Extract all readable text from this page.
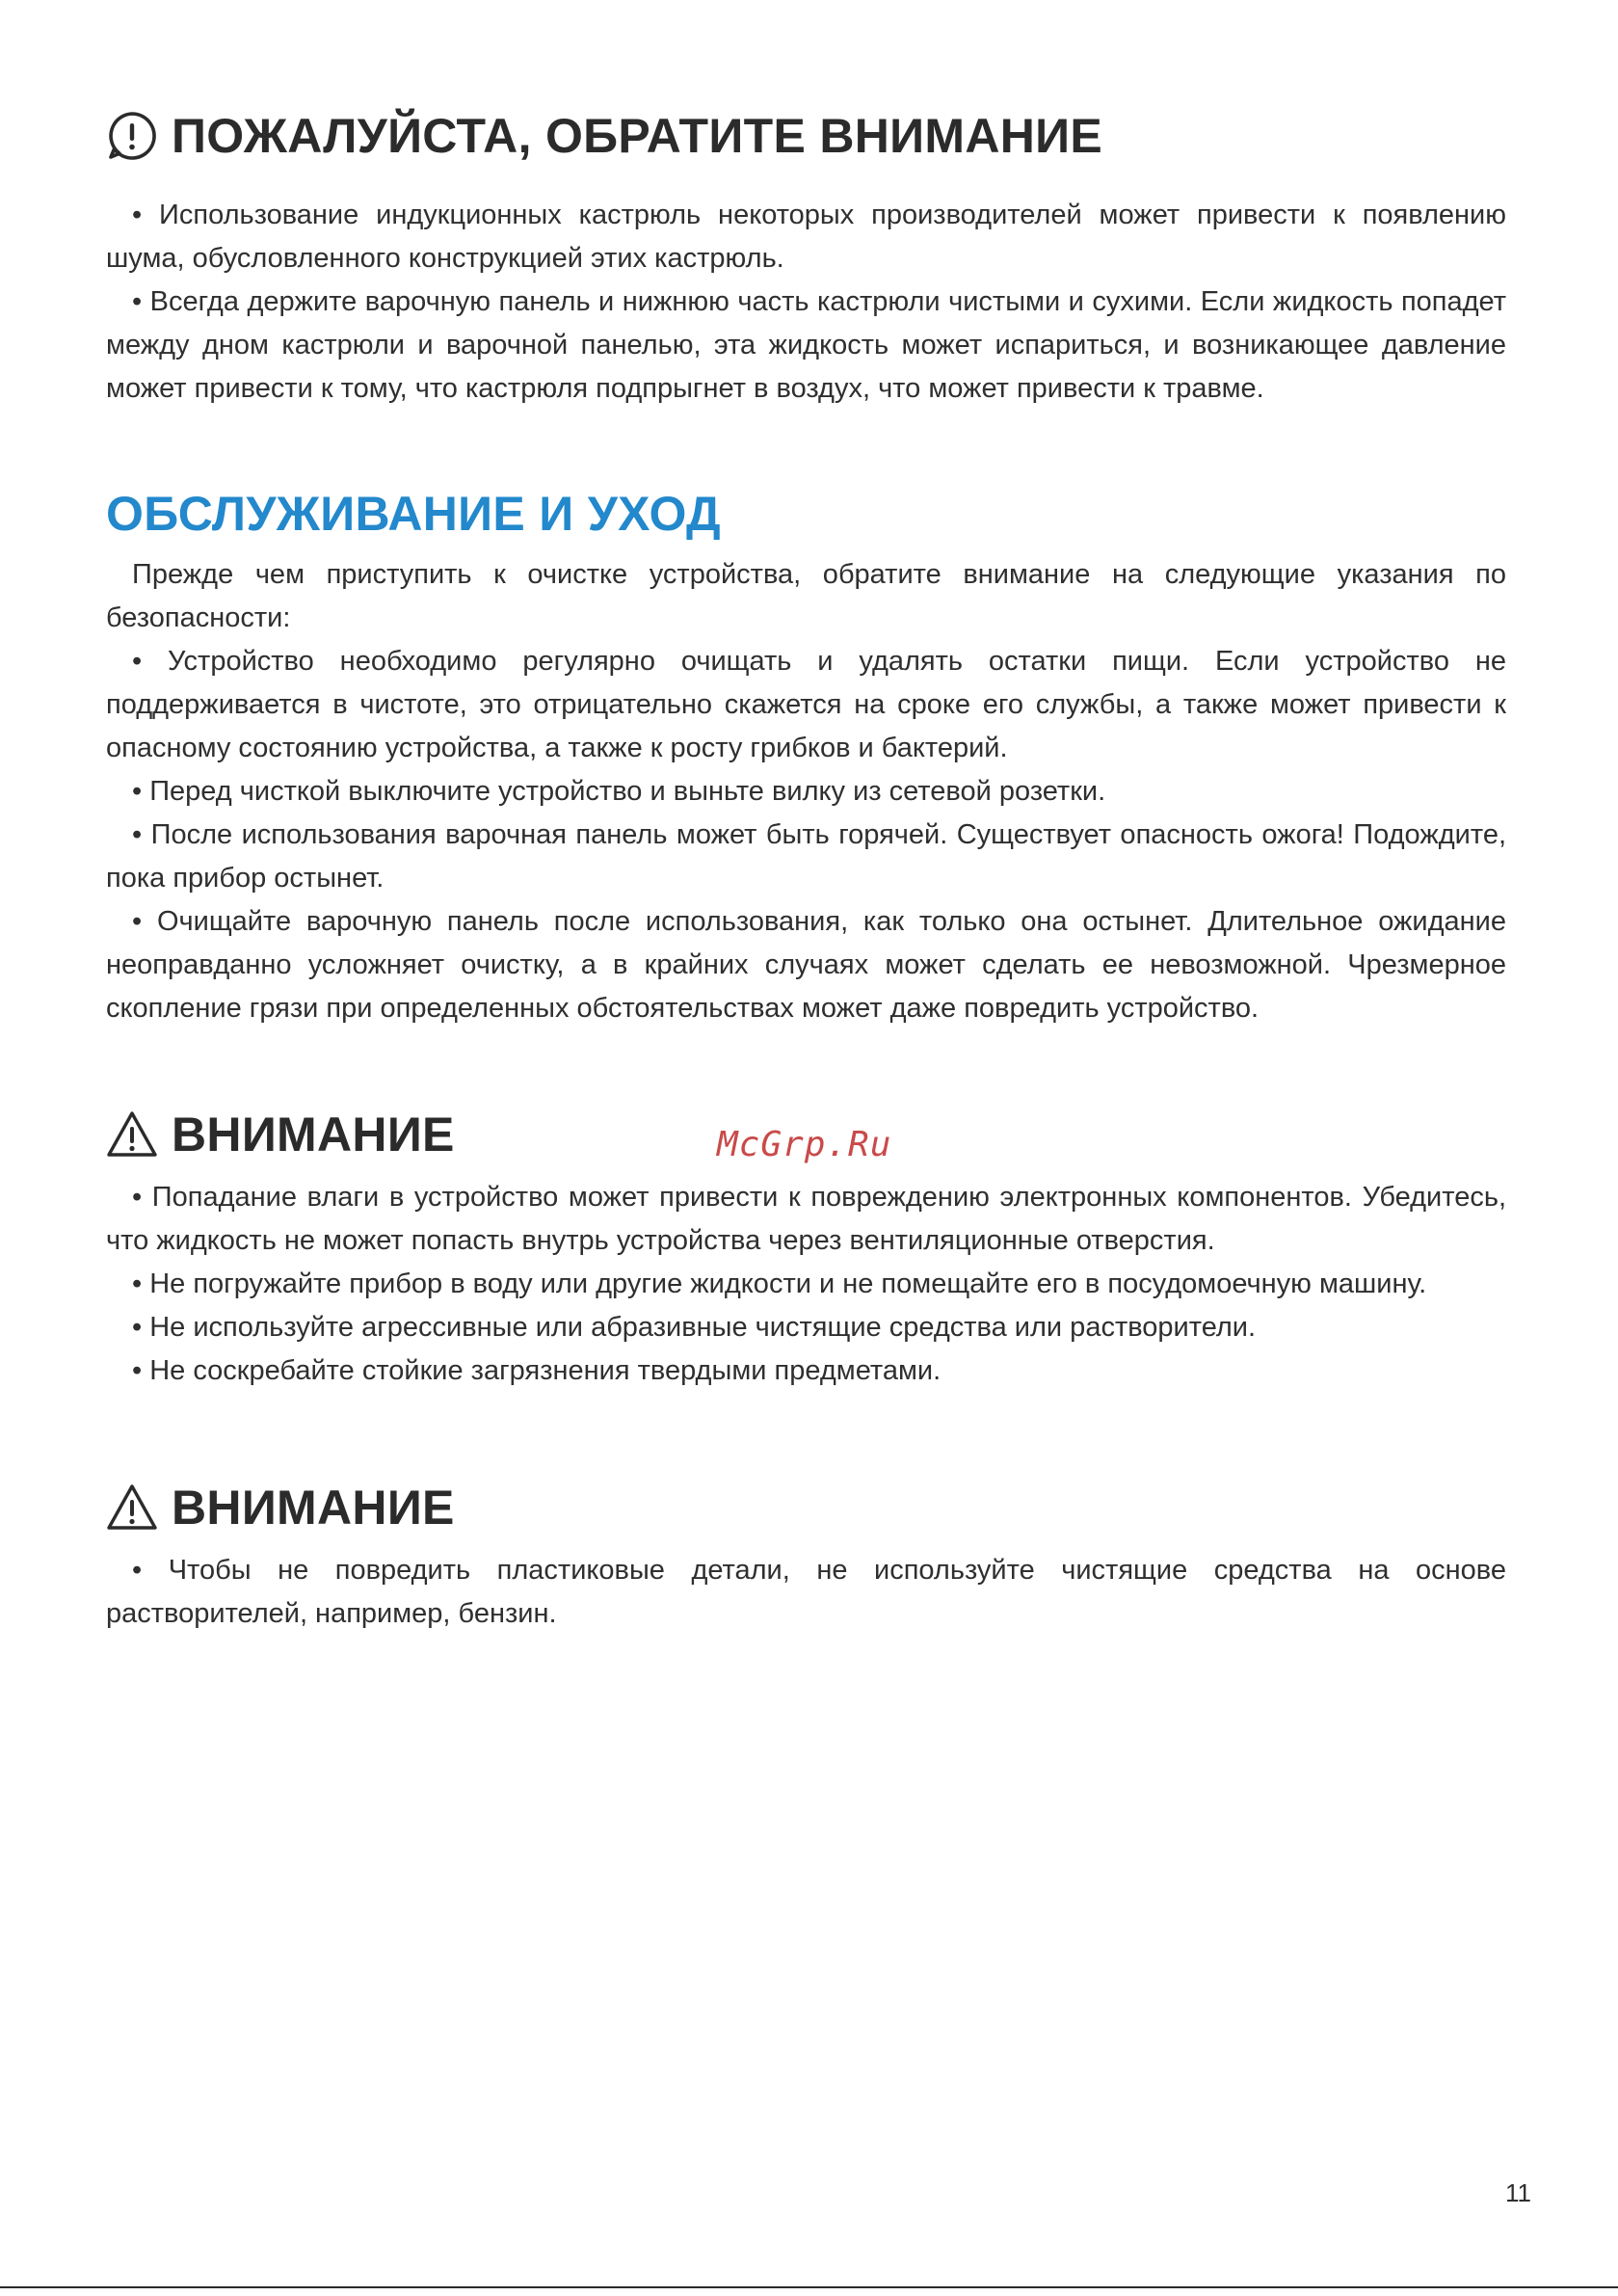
ПОЖАЛУЙСТА, ОБРАТИТЕ ВНИМАНИЕ

• Использование индукционных кастрюль некоторых производителей может привести к появлению шума, обусловленного конструкцией этих кастрюль.

• Всегда держите варочную панель и нижнюю часть кастрюли чистыми и сухими. Если жидкость попадет между дном кастрюли и варочной панелью, эта жидкость может испариться, и возникающее давление может привести к тому, что кастрюля подпрыгнет в воздух, что может привести к травме.

ОБСЛУЖИВАНИЕ И УХОД

Прежде чем приступить к очистке устройства, обратите внимание на следующие указания по безопасности:

• Устройство необходимо регулярно очищать и удалять остатки пищи. Если устройство не поддерживается в чистоте, это отрицательно скажется на сроке его службы, а также может привести к опасному состоянию устройства, а также к росту грибков и бактерий.

• Перед чисткой выключите устройство и выньте вилку из сетевой розетки.

• После использования варочная панель может быть горячей. Существует опасность ожога! Подождите, пока прибор остынет.

• Очищайте варочную панель после использования, как только она остынет. Длительное ожидание неоправданно усложняет очистку, а в крайних случаях может сделать ее невозможной. Чрезмерное скопление грязи при определенных обстоятельствах может даже повредить устройство.

ВНИМАНИЕ

• Попадание влаги в устройство может привести к повреждению электронных компонентов. Убедитесь, что жидкость не может попасть внутрь устройства через вентиляционные отверстия.

• Не погружайте прибор в воду или другие жидкости и не помещайте его в посудомоечную машину.

• Не используйте агрессивные или абразивные чистящие средства или растворители.

• Не соскребайте стойкие загрязнения твердыми предметами.

ВНИМАНИЕ

• Чтобы не повредить пластиковые детали, не используйте чистящие средства на основе растворителей, например, бензин.

McGrp.Ru
11
